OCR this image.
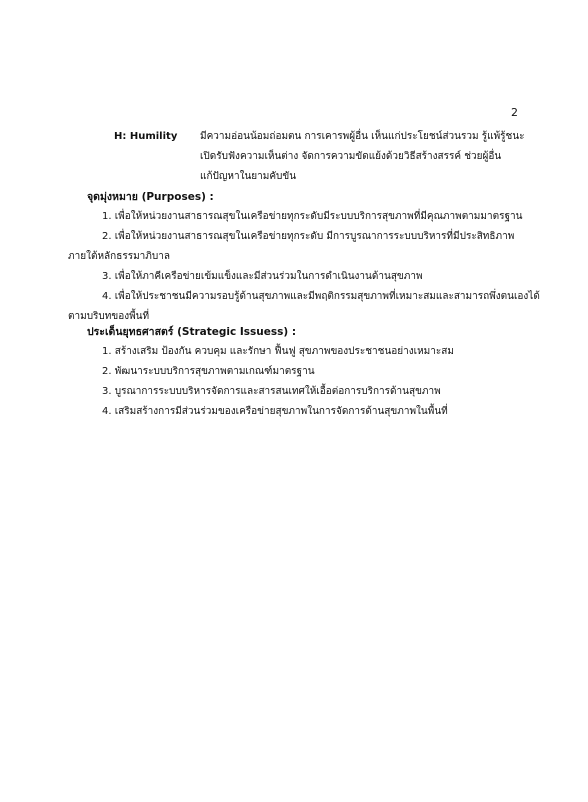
2
H: Humility	มีความอ่อนน้อมถ่อมตน การเคารพผู้อื่น เห็นแก่ประโยชน์ส่วนรวม รู้แพ้รู้ชนะ
เปิดรับฟังความเห็นต่าง จัดการความขัดแย้งด้วยวิธีสร้างสรรค์ ช่วยผู้อื่น
แก้ปัญหาในยามคับขัน
จุดมุ่งหมาย (Purposes) :
1. เพื่อให้หน่วยงานสาธารณสุขในเครือข่ายทุกระดับมีระบบบริการสุขภาพที่มีคุณภาพตามมาตรฐาน
2. เพื่อให้หน่วยงานสาธารณสุขในเครือข่ายทุกระดับ มีการบูรณาการระบบบริหารที่มีประสิทธิภาพ
ภายใต้หลักธรรมาภิบาล
3. เพื่อให้ภาคีเครือข่ายเข้มแข็งและมีส่วนร่วมในการดำเนินงานด้านสุขภาพ
4. เพื่อให้ประชาชนมีความรอบรู้ด้านสุขภาพและมีพฤติกรรมสุขภาพที่เหมาะสมและสามารถพึ่งตนเองได้
ตามบริบทของพื้นที่
ประเด็นยุทธศาสตร์ (Strategic Issuess) :
1. สร้างเสริม ป้องกัน ควบคุม และรักษา ฟื้นฟู สุขภาพของประชาชนอย่างเหมาะสม
2. พัฒนาระบบบริการสุขภาพตามเกณฑ์มาตรฐาน
3. บูรณาการระบบบริหารจัดการและสารสนเทศให้เอื้อต่อการบริการด้านสุขภาพ
4. เสริมสร้างการมีส่วนร่วมของเครือข่ายสุขภาพในการจัดการด้านสุขภาพในพื้นที่
